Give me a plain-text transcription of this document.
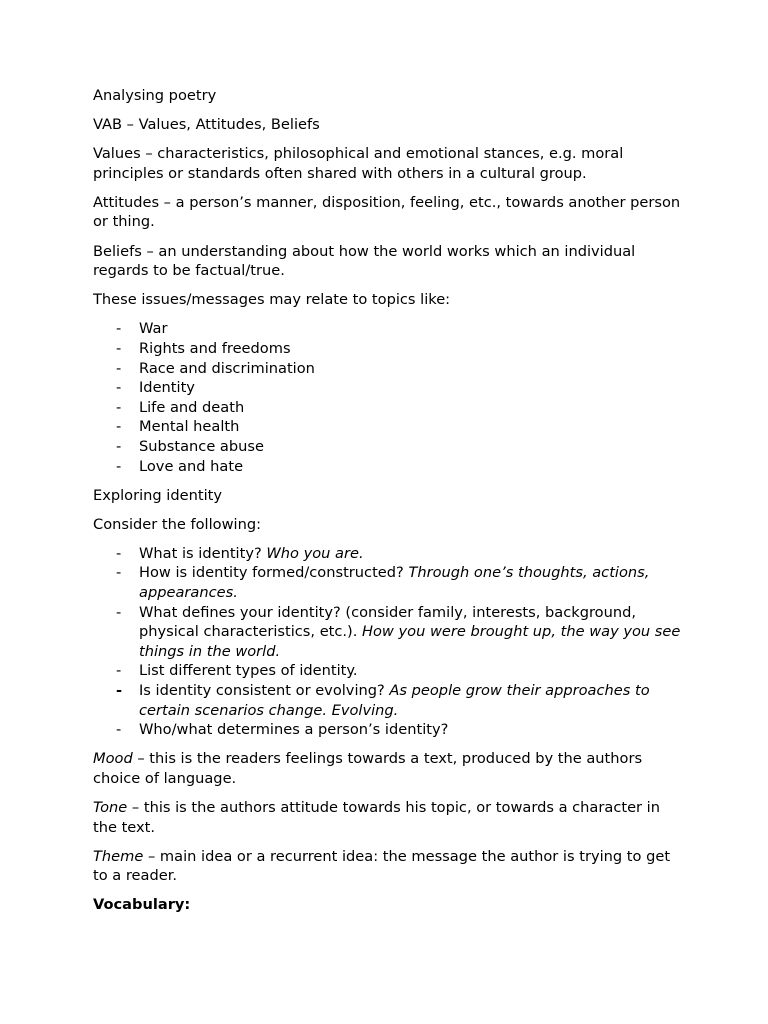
Analysing poetry

VAB – Values, Attitudes, Beliefs

Values – characteristics, philosophical and emotional stances, e.g. moral principles or standards often shared with others in a cultural group.

Attitudes – a person’s manner, disposition, feeling, etc., towards another person or thing.

Beliefs – an understanding about how the world works which an individual regards to be factual/true.

These issues/messages may relate to topics like:

- War
- Rights and freedoms
- Race and discrimination
- Identity
- Life and death
- Mental health
- Substance abuse
- Love and hate

Exploring identity

Consider the following:

- What is identity? Who you are.
- How is identity formed/constructed? Through one’s thoughts, actions, appearances.
- What defines your identity? (consider family, interests, background, physical characteristics, etc.). How you were brought up, the way you see things in the world.
- List different types of identity.
- Is identity consistent or evolving? As people grow their approaches to certain scenarios change. Evolving.
- Who/what determines a person’s identity?

Mood – this is the readers feelings towards a text, produced by the authors choice of language.

Tone – this is the authors attitude towards his topic, or towards a character in the text.

Theme – main idea or a recurrent idea: the message the author is trying to get to a reader.

Vocabulary:
